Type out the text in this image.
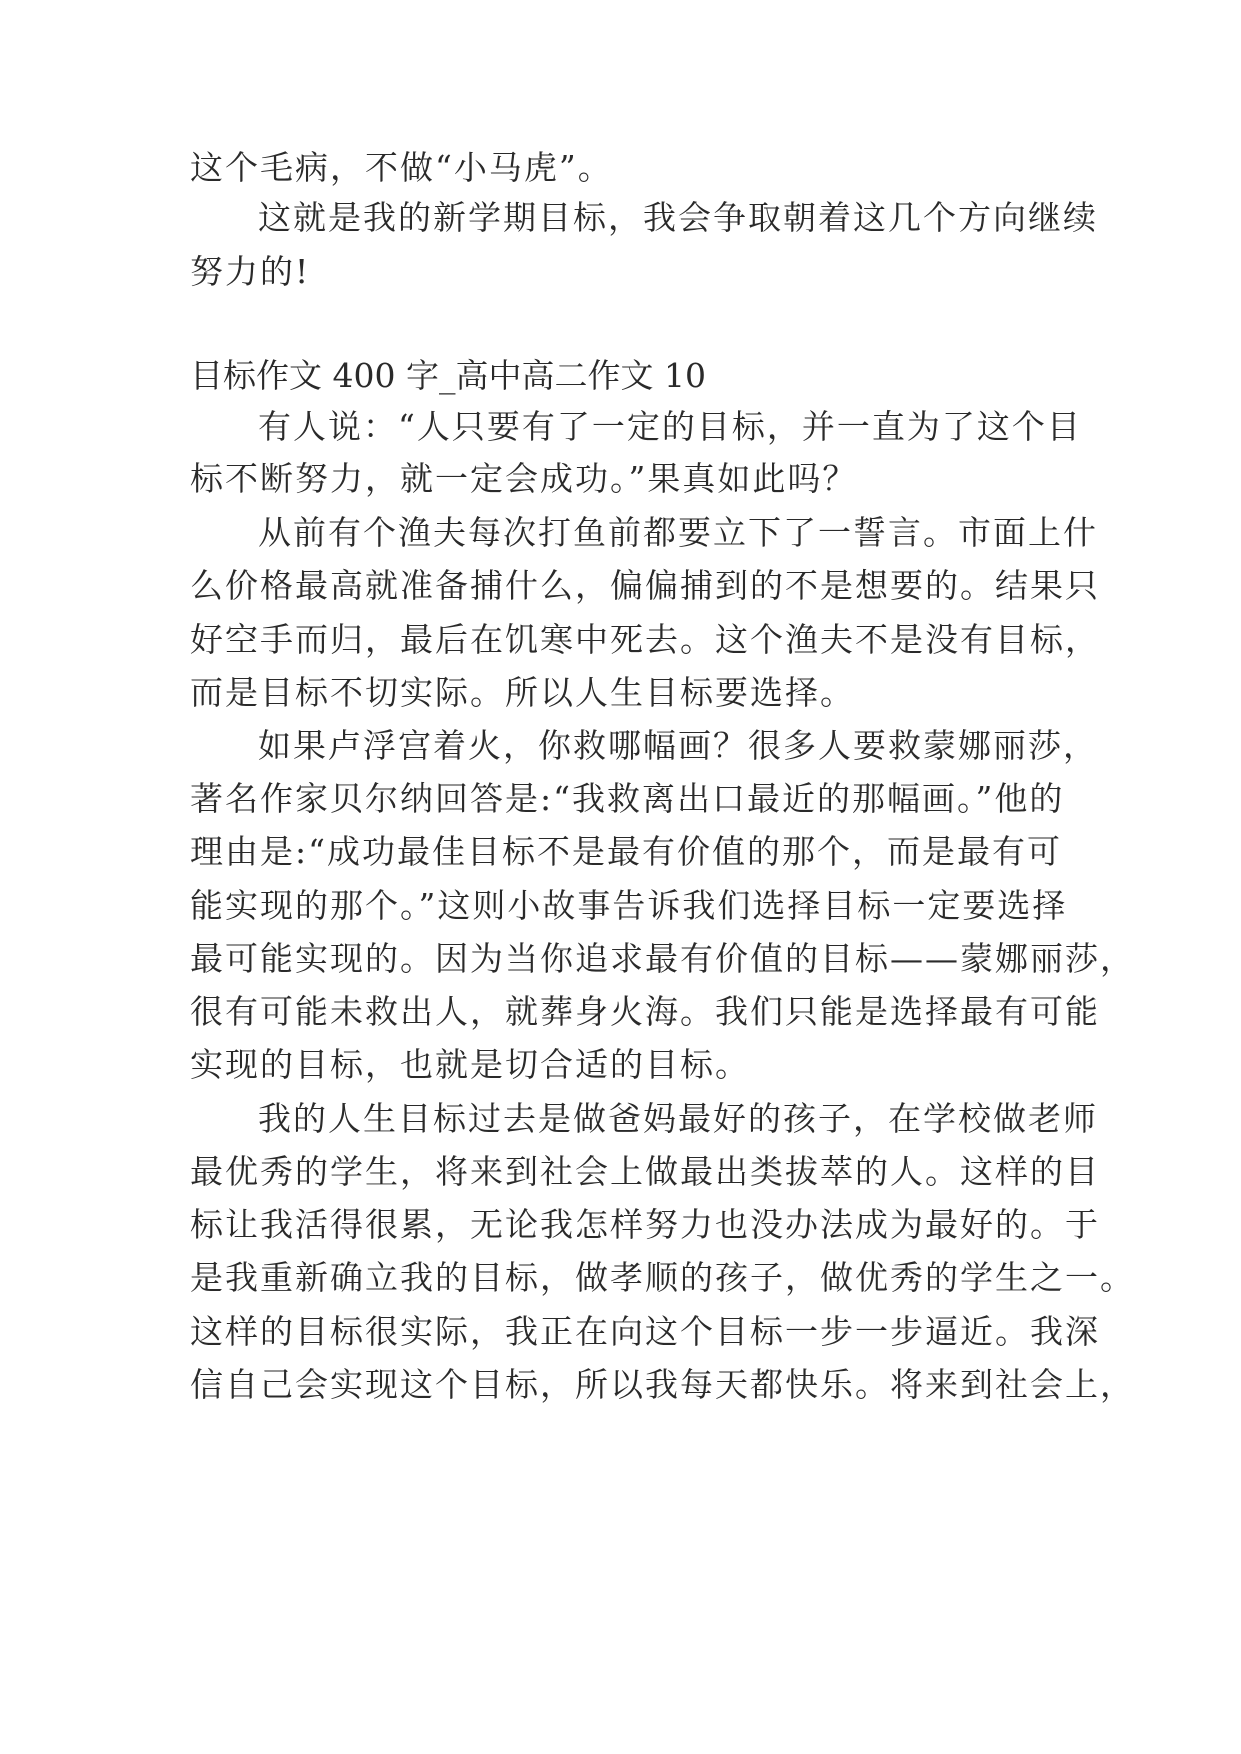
这个毛病，不做“小马虎”。
这就是我的新学期目标，我会争取朝着这几个方向继续
努力的!
目标作文 400 字_高中高二作文 10
有人说：“人只要有了一定的目标，并一直为了这个目
标不断努力，就一定会成功。”果真如此吗？
从前有个渔夫每次打鱼前都要立下了一誓言。市面上什
么价格最高就准备捕什么，偏偏捕到的不是想要的。结果只
好空手而归，最后在饥寒中死去。这个渔夫不是没有目标，
而是目标不切实际。所以人生目标要选择。
如果卢浮宫着火，你救哪幅画？很多人要救蒙娜丽莎，
著名作家贝尔纳回答是:“我救离出口最近的那幅画。”他的
理由是:“成功最佳目标不是最有价值的那个，而是最有可
能实现的那个。”这则小故事告诉我们选择目标一定要选择
最可能实现的。因为当你追求最有价值的目标——蒙娜丽莎，
很有可能未救出人，就葬身火海。我们只能是选择最有可能
实现的目标，也就是切合适的目标。
我的人生目标过去是做爸妈最好的孩子，在学校做老师
最优秀的学生，将来到社会上做最出类拔萃的人。这样的目
标让我活得很累，无论我怎样努力也没办法成为最好的。于
是我重新确立我的目标，做孝顺的孩子，做优秀的学生之一。
这样的目标很实际，我正在向这个目标一步一步逼近。我深
信自己会实现这个目标，所以我每天都快乐。将来到社会上，
